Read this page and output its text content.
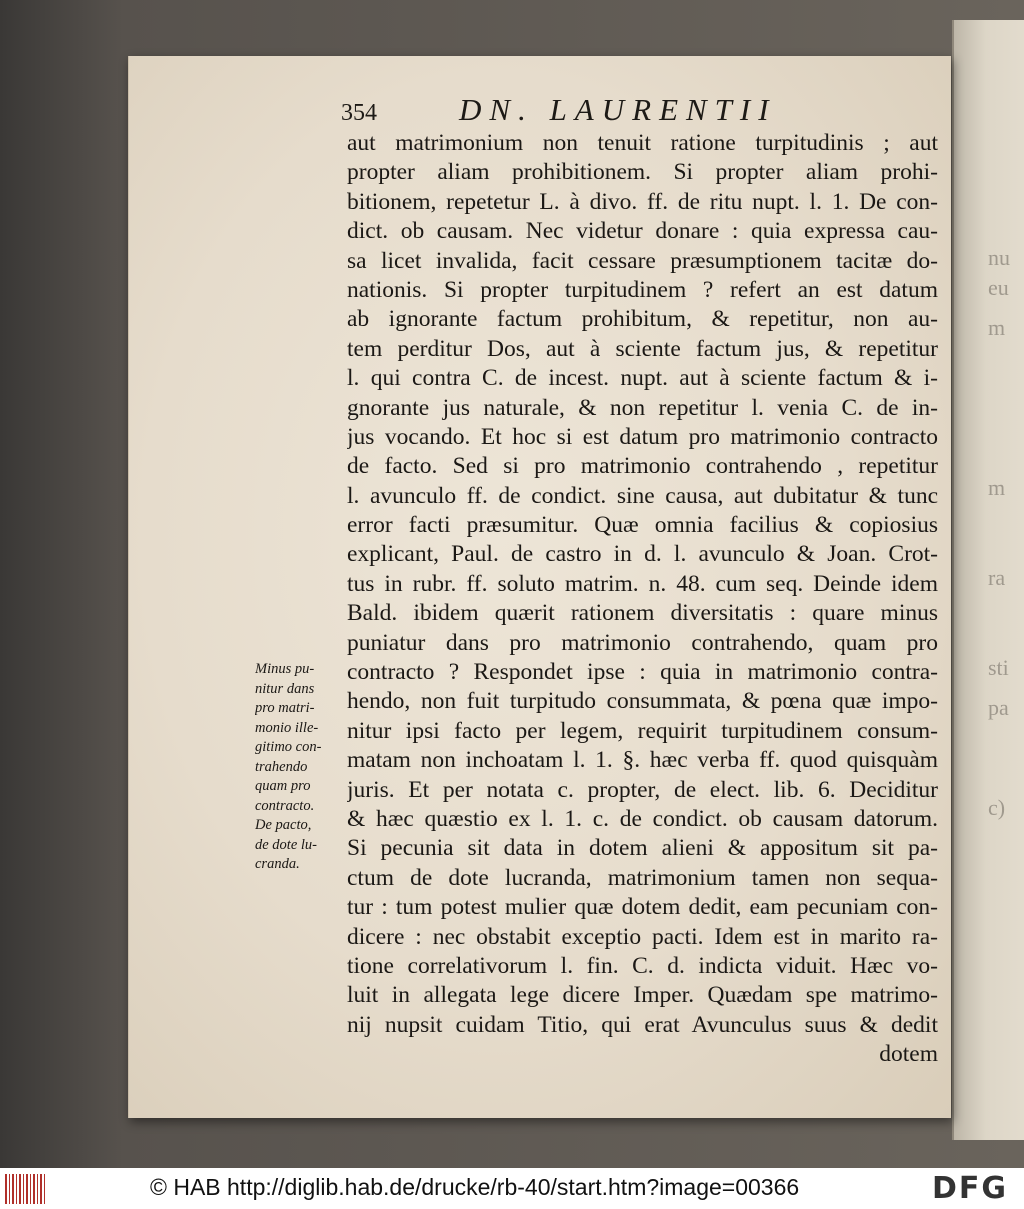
nu
eu
m
m
ra
sti
pa
c)
354	DN. LAURENTII
Minus pu-
nitur dans
pro matri-
monio ille-
gitimo con-
trahendo
quam pro
contracto.
De pacto,
de dote lu-
cranda.
aut matrimonium non tenuit ratione turpitudinis ; aut
propter aliam prohibitionem. Si propter aliam prohi-
bitionem, repetetur L. à divo. ff. de ritu nupt. l. 1. De con-
dict. ob causam. Nec videtur donare : quia expressa cau-
sa licet invalida, facit cessare præsumptionem tacitæ do-
nationis. Si propter turpitudinem ? refert an est datum
ab ignorante factum prohibitum, & repetitur, non au-
tem perditur Dos, aut à sciente factum jus, & repetitur
l. qui contra C. de incest. nupt. aut à sciente factum & i-
gnorante jus naturale, & non repetitur l. venia C. de in-
jus vocando. Et hoc si est datum pro matrimonio contracto
de facto. Sed si pro matrimonio contrahendo , repetitur
l. avunculo ff. de condict. sine causa, aut dubitatur & tunc
error facti præsumitur. Quæ omnia facilius & copiosius
explicant, Paul. de castro in d. l. avunculo & Joan. Crot-
tus in rubr. ff. soluto matrim. n. 48. cum seq. Deinde idem
Bald. ibidem quærit rationem diversitatis : quare minus
puniatur dans pro matrimonio contrahendo, quam pro
contracto ? Respondet ipse : quia in matrimonio contra-
hendo, non fuit turpitudo consummata, & pœna quæ impo-
nitur ipsi facto per legem, requirit turpitudinem consum-
matam non inchoatam l. 1. §. hæc verba ff. quod quisquàm
juris. Et per notata c. propter, de elect. lib. 6. Deciditur
& hæc quæstio ex l. 1. c. de condict. ob causam datorum.
Si pecunia sit data in dotem alieni & appositum sit pa-
ctum de dote lucranda, matrimonium tamen non sequa-
tur : tum potest mulier quæ dotem dedit, eam pecuniam con-
dicere : nec obstabit exceptio pacti. Idem est in marito ra-
tione correlativorum l. fin. C. d. indicta viduit. Hæc vo-
luit in allegata lege dicere Imper. Quædam spe matrimo-
nij nupsit cuidam Titio, qui erat Avunculus suus & dedit
dotem
© HAB http://diglib.hab.de/drucke/rb-40/start.htm?image=00366	DFG
